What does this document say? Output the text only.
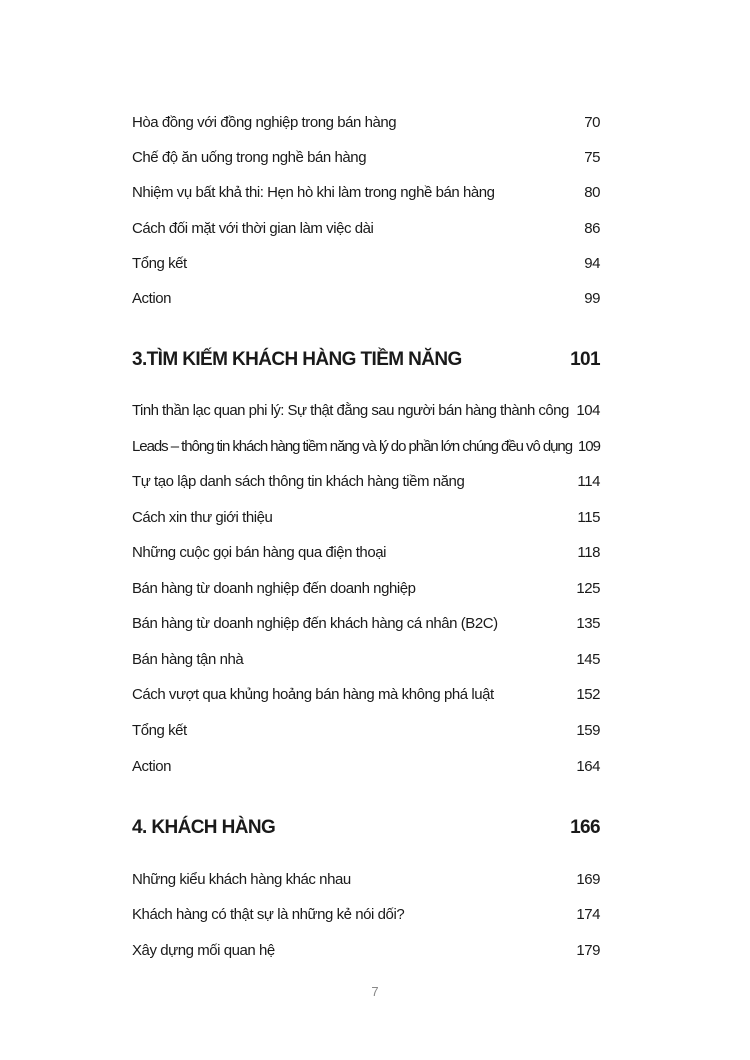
Hòa đồng với đồng nghiệp trong bán hàng	70
Chế độ ăn uống trong nghề bán hàng	75
Nhiệm vụ bất khả thi: Hẹn hò khi làm trong nghề bán hàng	80
Cách đối mặt với thời gian làm việc dài	86
Tổng kết	94
Action	99
3.TÌM KIẾM KHÁCH HÀNG TIỀM NĂNG	101
Tinh thần lạc quan phi lý: Sự thật đằng sau người bán hàng thành công 104
Leads – thông tin khách hàng tiềm năng và lý do phần lớn chúng đều vô dụng 109
Tự tạo lập danh sách thông tin khách hàng tiềm năng	114
Cách xin thư giới thiệu	115
Những cuộc gọi bán hàng qua điện thoại	118
Bán hàng từ doanh nghiệp đến doanh nghiệp	125
Bán hàng từ doanh nghiệp đến khách hàng cá nhân (B2C)	135
Bán hàng tận nhà	145
Cách vượt qua khủng hoảng bán hàng mà không phá luật	152
Tổng kết	159
Action	164
4. KHÁCH HÀNG	166
Những kiểu khách hàng khác nhau	169
Khách hàng có thật sự là những kẻ nói dối?	174
Xây dựng mối quan hệ	179
7
